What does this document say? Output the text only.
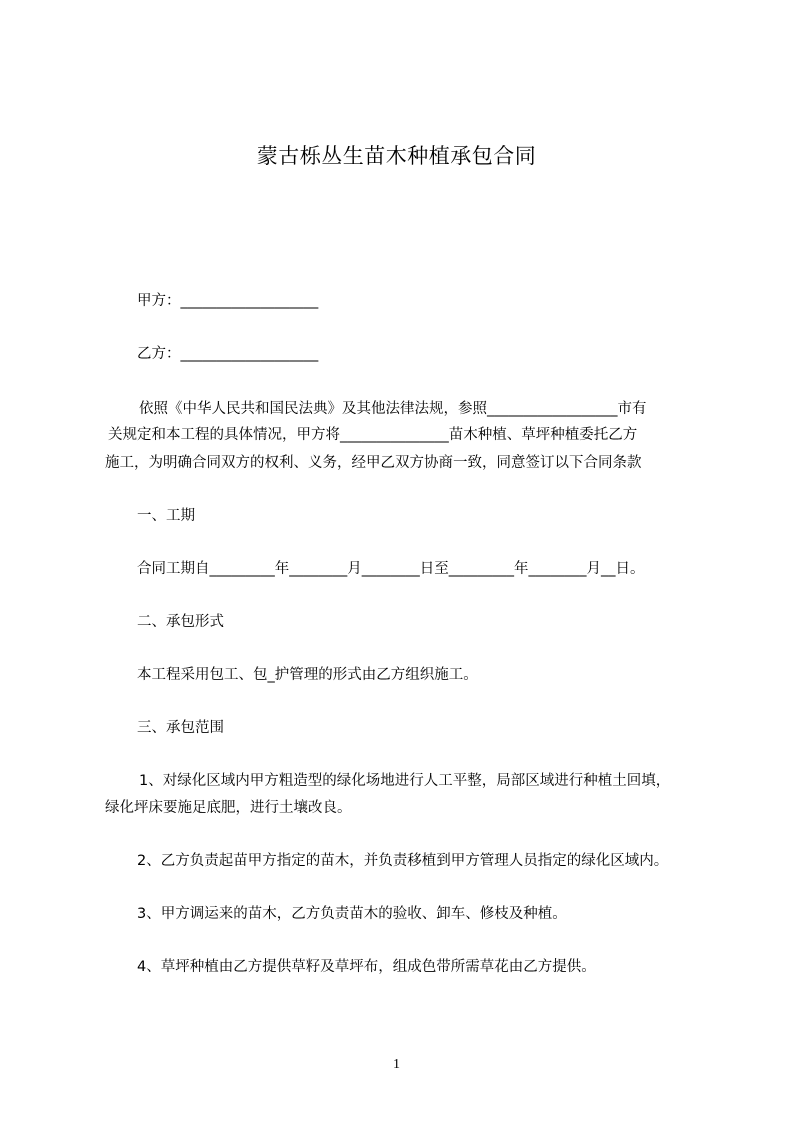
蒙古栎丛生苗木种植承包合同
甲方：___________________
乙方：___________________
依照《中华人民共和国民法典》及其他法律法规，参照__________________市有
关规定和本工程的具体情况，甲方将_______________苗木种植、草坪种植委托乙方
施工，为明确合同双方的权利、义务，经甲乙双方协商一致，同意签订以下合同条款
一、工期
合同工期自_________年________月________日至_________年________月__日。
二、承包形式
本工程采用包工、包_护管理的形式由乙方组织施工。
三、承包范围
1、对绿化区域内甲方粗造型的绿化场地进行人工平整，局部区域进行种植土回填，
绿化坪床要施足底肥，进行土壤改良。
2、乙方负责起苗甲方指定的苗木，并负责移植到甲方管理人员指定的绿化区域内。
3、甲方调运来的苗木，乙方负责苗木的验收、卸车、修枝及种植。
4、草坪种植由乙方提供草籽及草坪布，组成色带所需草花由乙方提供。
1
